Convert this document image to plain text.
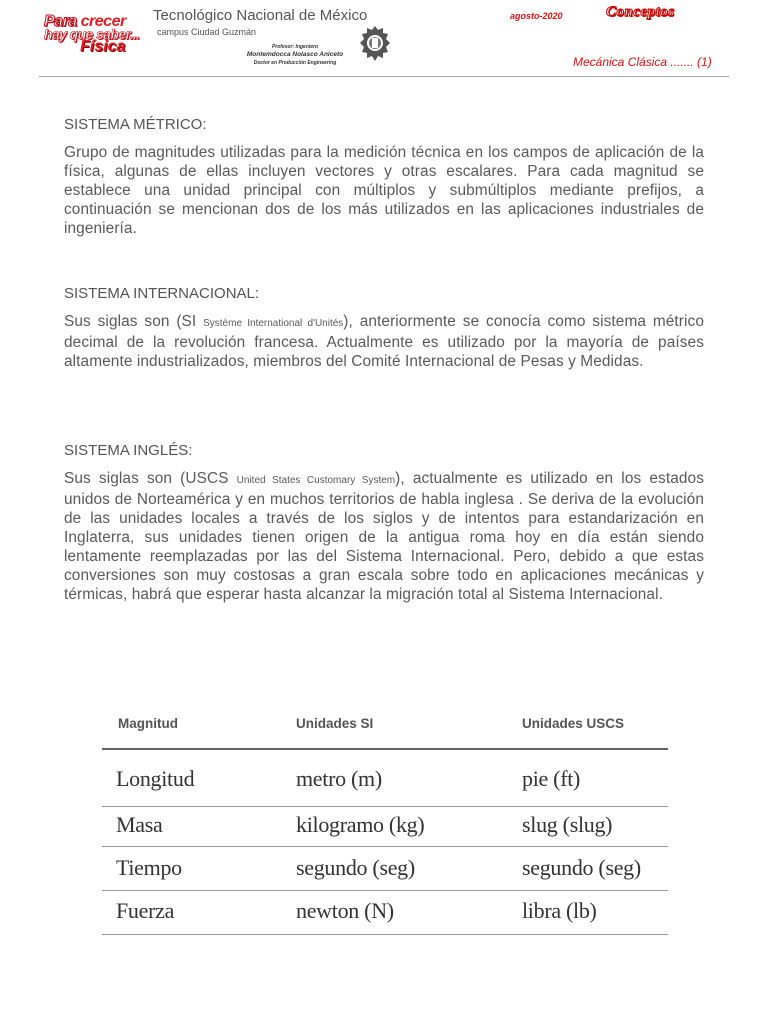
Para crecer
hay que saber...
Física
Tecnológico Nacional de México
campus Ciudad Guzmán
Profesor: Ingeniero
Montemdocca Nolasco Aniceto
Doctor en Producción Engineering
agosto-2020	Conceptos
Mecánica Clásica ....... (1)
SISTEMA MÉTRICO:
Grupo de magnitudes utilizadas para la medición técnica en los campos de aplicación de la física, algunas de ellas incluyen vectores y otras escalares. Para cada magnitud se establece una unidad principal con múltiplos y submúltiplos mediante prefijos, a continuación se mencionan dos de los más utilizados en las aplicaciones industriales de ingeniería.
SISTEMA INTERNACIONAL:
Sus siglas son (SI Système International d'Unités), anteriormente se conocía como sistema métrico decimal de la revolución francesa. Actualmente es utilizado por la mayoría de países altamente industrializados, miembros del Comité Internacional de Pesas y Medidas.
SISTEMA INGLÉS:
Sus siglas son (USCS United States Customary System), actualmente es utilizado en los estados unidos de Norteamérica y en muchos territorios de habla inglesa . Se deriva de la evolución de las unidades locales a través de los siglos y de intentos para estandarización en Inglaterra, sus unidades tienen origen de la antigua roma hoy en día están siendo lentamente reemplazadas por las del Sistema Internacional. Pero, debido a que estas conversiones son muy costosas a gran escala sobre todo en aplicaciones mecánicas y térmicas, habrá que esperar hasta alcanzar la migración total al Sistema Internacional.
Magnitud	Unidades SI	Unidades USCS
Longitud	metro (m)	pie (ft)
Masa	kilogramo (kg)	slug (slug)
Tiempo	segundo (seg)	segundo (seg)
Fuerza	newton (N)	libra (lb)
